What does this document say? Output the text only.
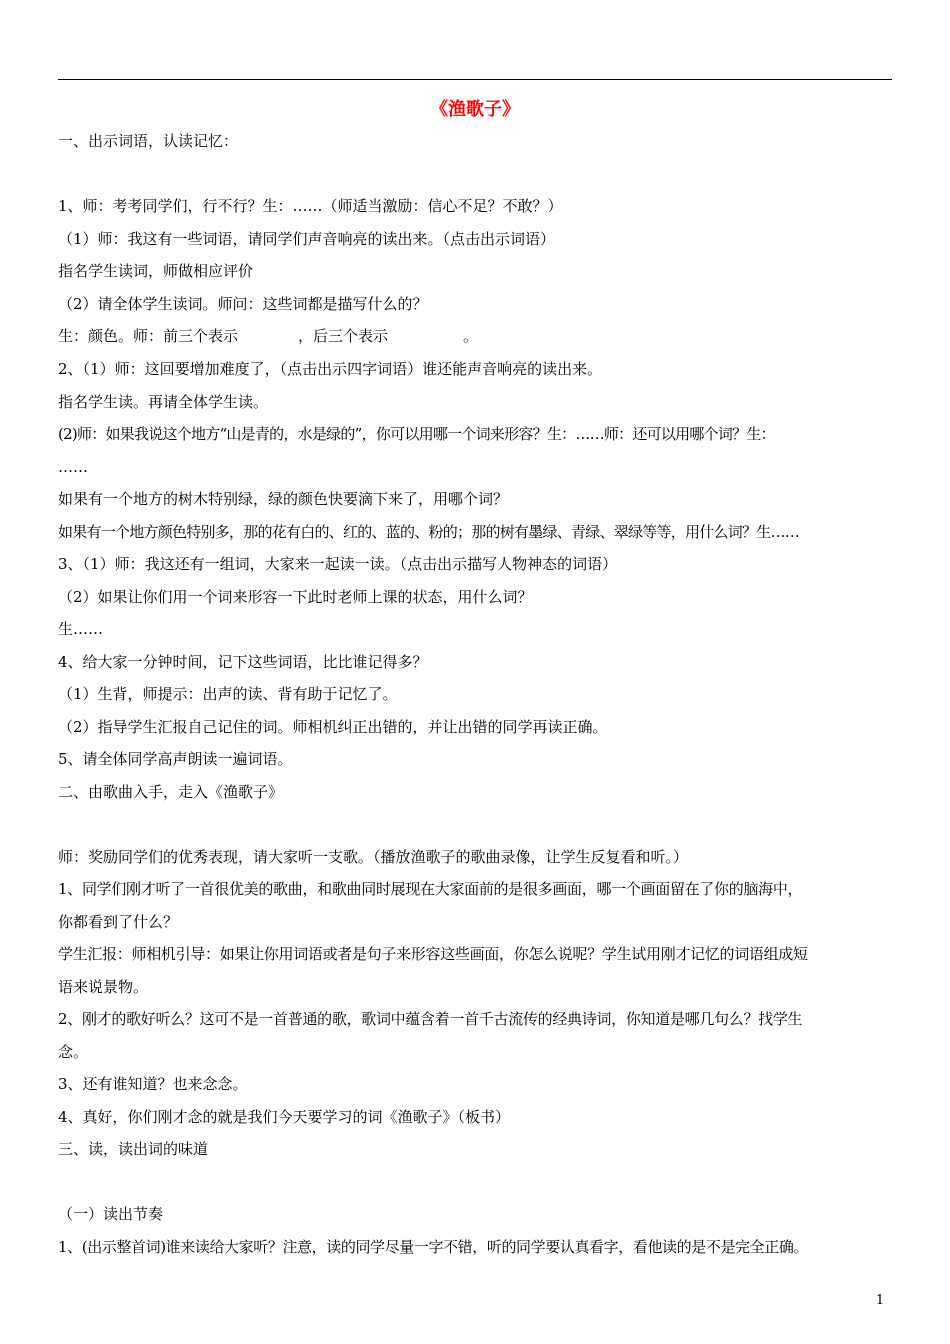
《渔歌子》
一、出示词语，认读记忆：
1、师：考考同学们，行不行？生：……（师适当激励：信心不足？不敢？）
（1）师：我这有一些词语，请同学们声音响亮的读出来。（点击出示词语）
指名学生读词，师做相应评价
（2）请全体学生读词。师问：这些词都是描写什么的？
生：颜色。师：前三个表示　　　　，后三个表示　　　　　。
2、（1）师：这回要增加难度了，（点击出示四字词语）谁还能声音响亮的读出来。
指名学生读。再请全体学生读。
(2)师：如果我说这个地方“山是青的，水是绿的”，你可以用哪一个词来形容？生：……师：还可以用哪个词？生：
……
如果有一个地方的树木特别绿，绿的颜色快要滴下来了，用哪个词？
如果有一个地方颜色特别多，那的花有白的、红的、蓝的、粉的；那的树有墨绿、青绿、翠绿等等，用什么词？生……
3、（1）师：我这还有一组词，大家来一起读一读。（点击出示描写人物神态的词语）
（2）如果让你们用一个词来形容一下此时老师上课的状态，用什么词？
生……
4、给大家一分钟时间，记下这些词语，比比谁记得多？
（1）生背，师提示：出声的读、背有助于记忆了。
（2）指导学生汇报自己记住的词。师相机纠正出错的，并让出错的同学再读正确。
5、请全体同学高声朗读一遍词语。
二、由歌曲入手，走入《渔歌子》
师：奖励同学们的优秀表现，请大家听一支歌。（播放渔歌子的歌曲录像，让学生反复看和听。）
1、同学们刚才听了一首很优美的歌曲，和歌曲同时展现在大家面前的是很多画面，哪一个画面留在了你的脑海中，
你都看到了什么？
学生汇报：师相机引导：如果让你用词语或者是句子来形容这些画面，你怎么说呢？学生试用刚才记忆的词语组成短
语来说景物。
2、刚才的歌好听么？这可不是一首普通的歌，歌词中蕴含着一首千古流传的经典诗词，你知道是哪几句么？找学生
念。
3、还有谁知道？也来念念。
4、真好，你们刚才念的就是我们今天要学习的词《渔歌子》（板书）
三、读，读出词的味道
（一）读出节奏
1、(出示整首词)谁来读给大家听？注意，读的同学尽量一字不错，听的同学要认真看字，看他读的是不是完全正确。
1
